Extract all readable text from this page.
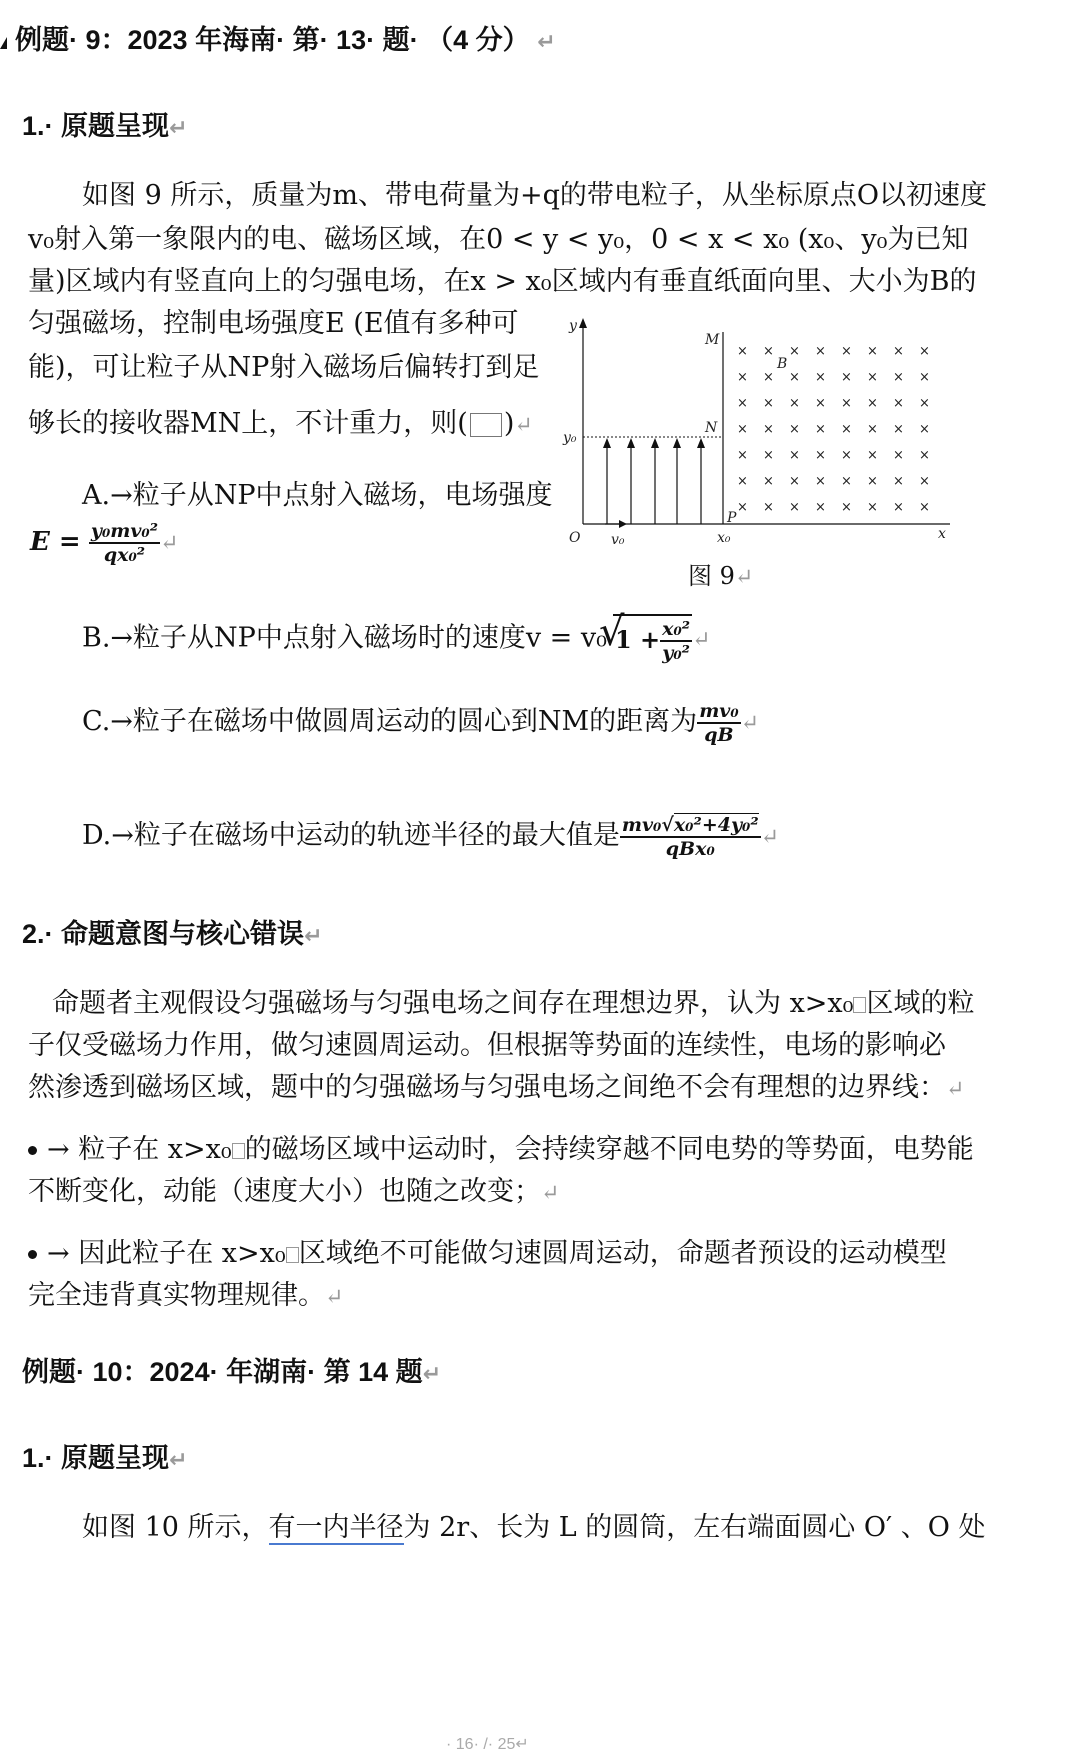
例题· 9：2023 年海南· 第· 13· 题· （4 分） ↵
1.· 原题呈现↵
如图 9 所示，质量为m、带电荷量为+q的带电粒子，从坐标原点O以初速度
v₀射入第一象限内的电、磁场区域，在0 < y < y₀，0 < x < x₀ (x₀、y₀为已知
量)区域内有竖直向上的匀强电场，在x > x₀区域内有垂直纸面向里、大小为B的
匀强磁场，控制电场强度E (E值有多种可
能)，可让粒子从NP射入磁场后偏转打到足
够长的接收器MN上，不计重力，则( )↵
A.→粒子从NP中点射入磁场，电场强度
$E = \frac{\text{y₀mv₀²}}{\text{qx₀²}}$ ↵
× × × × × × × ×
× × × × × × × ×
× × × × × × × ×
× × × × × × × ×
× × × × × × × ×
× × × × × × × ×
× × × × × × × ×
y
x
O
y₀
x₀
v₀
M
N
P
B
图 9↵
B.→粒子从NP中点射入磁场时的速度v = v₀
√
$1 + \frac{\text{x₀²}}{\text{y₀²}}$ ↵
C.→粒子在磁场中做圆周运动的圆心到NM的距离为 $\frac{\text{mv₀}}{qB}$ ↵
D.→粒子在磁场中运动的轨迹半径的最大值是 $\frac{\text{mv₀√x₀²+4y₀²}}{\text{qBx₀}}$ ↵
2.· 命题意图与核心错误↵
命题者主观假设匀强磁场与匀强电场之间存在理想边界，认为 x>x₀ 区域的粒
子仅受磁场力作用，做匀速圆周运动。但根据等势面的连续性，电场的影响必
然渗透到磁场区域，题中的匀强磁场与匀强电场之间绝不会有理想的边界线：↵
→ 粒子在 x>x₀ 的磁场区域中运动时，会持续穿越不同电势的等势面，电势能
不断变化，动能（速度大小）也随之改变；↵
→ 因此粒子在 x>x₀ 区域绝不可能做匀速圆周运动，命题者预设的运动模型
完全违背真实物理规律。↵
例题· 10：2024· 年湖南· 第 14 题↵
1.· 原题呈现↵
如图 10 所示，有一内半径为 2r、长为 L 的圆筒，左右端面圆心 O′ 、O 处
· 16· /· 25↵
